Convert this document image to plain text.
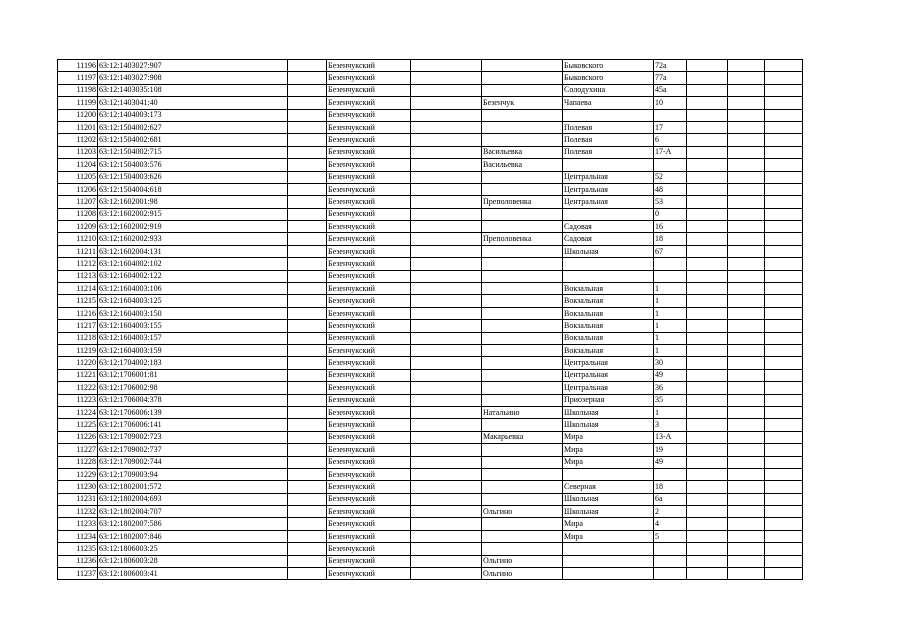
11196	63:12:1403027:907		Безенчукский			Быковского	72а			
11197	63:12:1403027:908		Безенчукский			Быковского	77а			
11198	63:12:1403035:108		Безенчукский			Солодухина	45а			
11199	63:12:1403041:40		Безенчукский		Безенчук	Чапаева	10			
11200	63:12:1404003:173		Безенчукский							
11201	63:12:1504002:627		Безенчукский			Полевая	17			
11202	63:12:1504002:681		Безенчукский			Полевая	6			
11203	63:12:1504002:715		Безенчукский		Васильевка	Полевая	17-А			
11204	63:12:1504003:576		Безенчукский		Васильевка					
11205	63:12:1504003:626		Безенчукский			Центральная	52			
11206	63:12:1504004:618		Безенчукский			Центральная	48			
11207	63:12:1602001:98		Безенчукский		Преполовенка	Центральная	53			
11208	63:12:1602002:915		Безенчукский				0			
11209	63:12:1602002:919		Безенчукский			Садовая	16			
11210	63:12:1602002:933		Безенчукский		Преполовенка	Садовая	18			
11211	63:12:1602004:131		Безенчукский			Школьная	67			
11212	63:12:1604002:102		Безенчукский							
11213	63:12:1604002:122		Безенчукский							
11214	63:12:1604003:106		Безенчукский			Вокзальная	1			
11215	63:12:1604003:125		Безенчукский			Вокзальная	1			
11216	63:12:1604003:150		Безенчукский			Вокзальная	1			
11217	63:12:1604003:155		Безенчукский			Вокзальная	1			
11218	63:12:1604003:157		Безенчукский			Вокзальная	1			
11219	63:12:1604003:159		Безенчукский			Вокзальная	1			
11220	63:12:1704002:183		Безенчукский			Центральная	30			
11221	63:12:1706001:81		Безенчукский			Центральная	49			
11222	63:12:1706002:98		Безенчукский			Центральная	36			
11223	63:12:1706004:378		Безенчукский			Приозерная	35			
11224	63:12:1706006:139		Безенчукский		Натальино	Школьная	1			
11225	63:12:1706006:141		Безенчукский			Школьная	3			
11226	63:12:1709002:723		Безенчукский		Макарьевка	Мира	13-А			
11227	63:12:1709002:737		Безенчукский			Мира	19			
11228	63:12:1709002:744		Безенчукский			Мира	49			
11229	63:12:1709003:94		Безенчукский							
11230	63:12:1802001:572		Безенчукский			Северная	18			
11231	63:12:1802004:693		Безенчукский			Школьная	6а			
11232	63:12:1802004:707		Безенчукский		Ольгино	Школьная	2			
11233	63:12:1802007:586		Безенчукский			Мира	4			
11234	63:12:1802007:846		Безенчукский			Мира	5			
11235	63:12:1806003:25		Безенчукский							
11236	63:12:1806003:28		Безенчукский		Ольгино					
11237	63:12:1806003:41		Безенчукский		Ольгино					
